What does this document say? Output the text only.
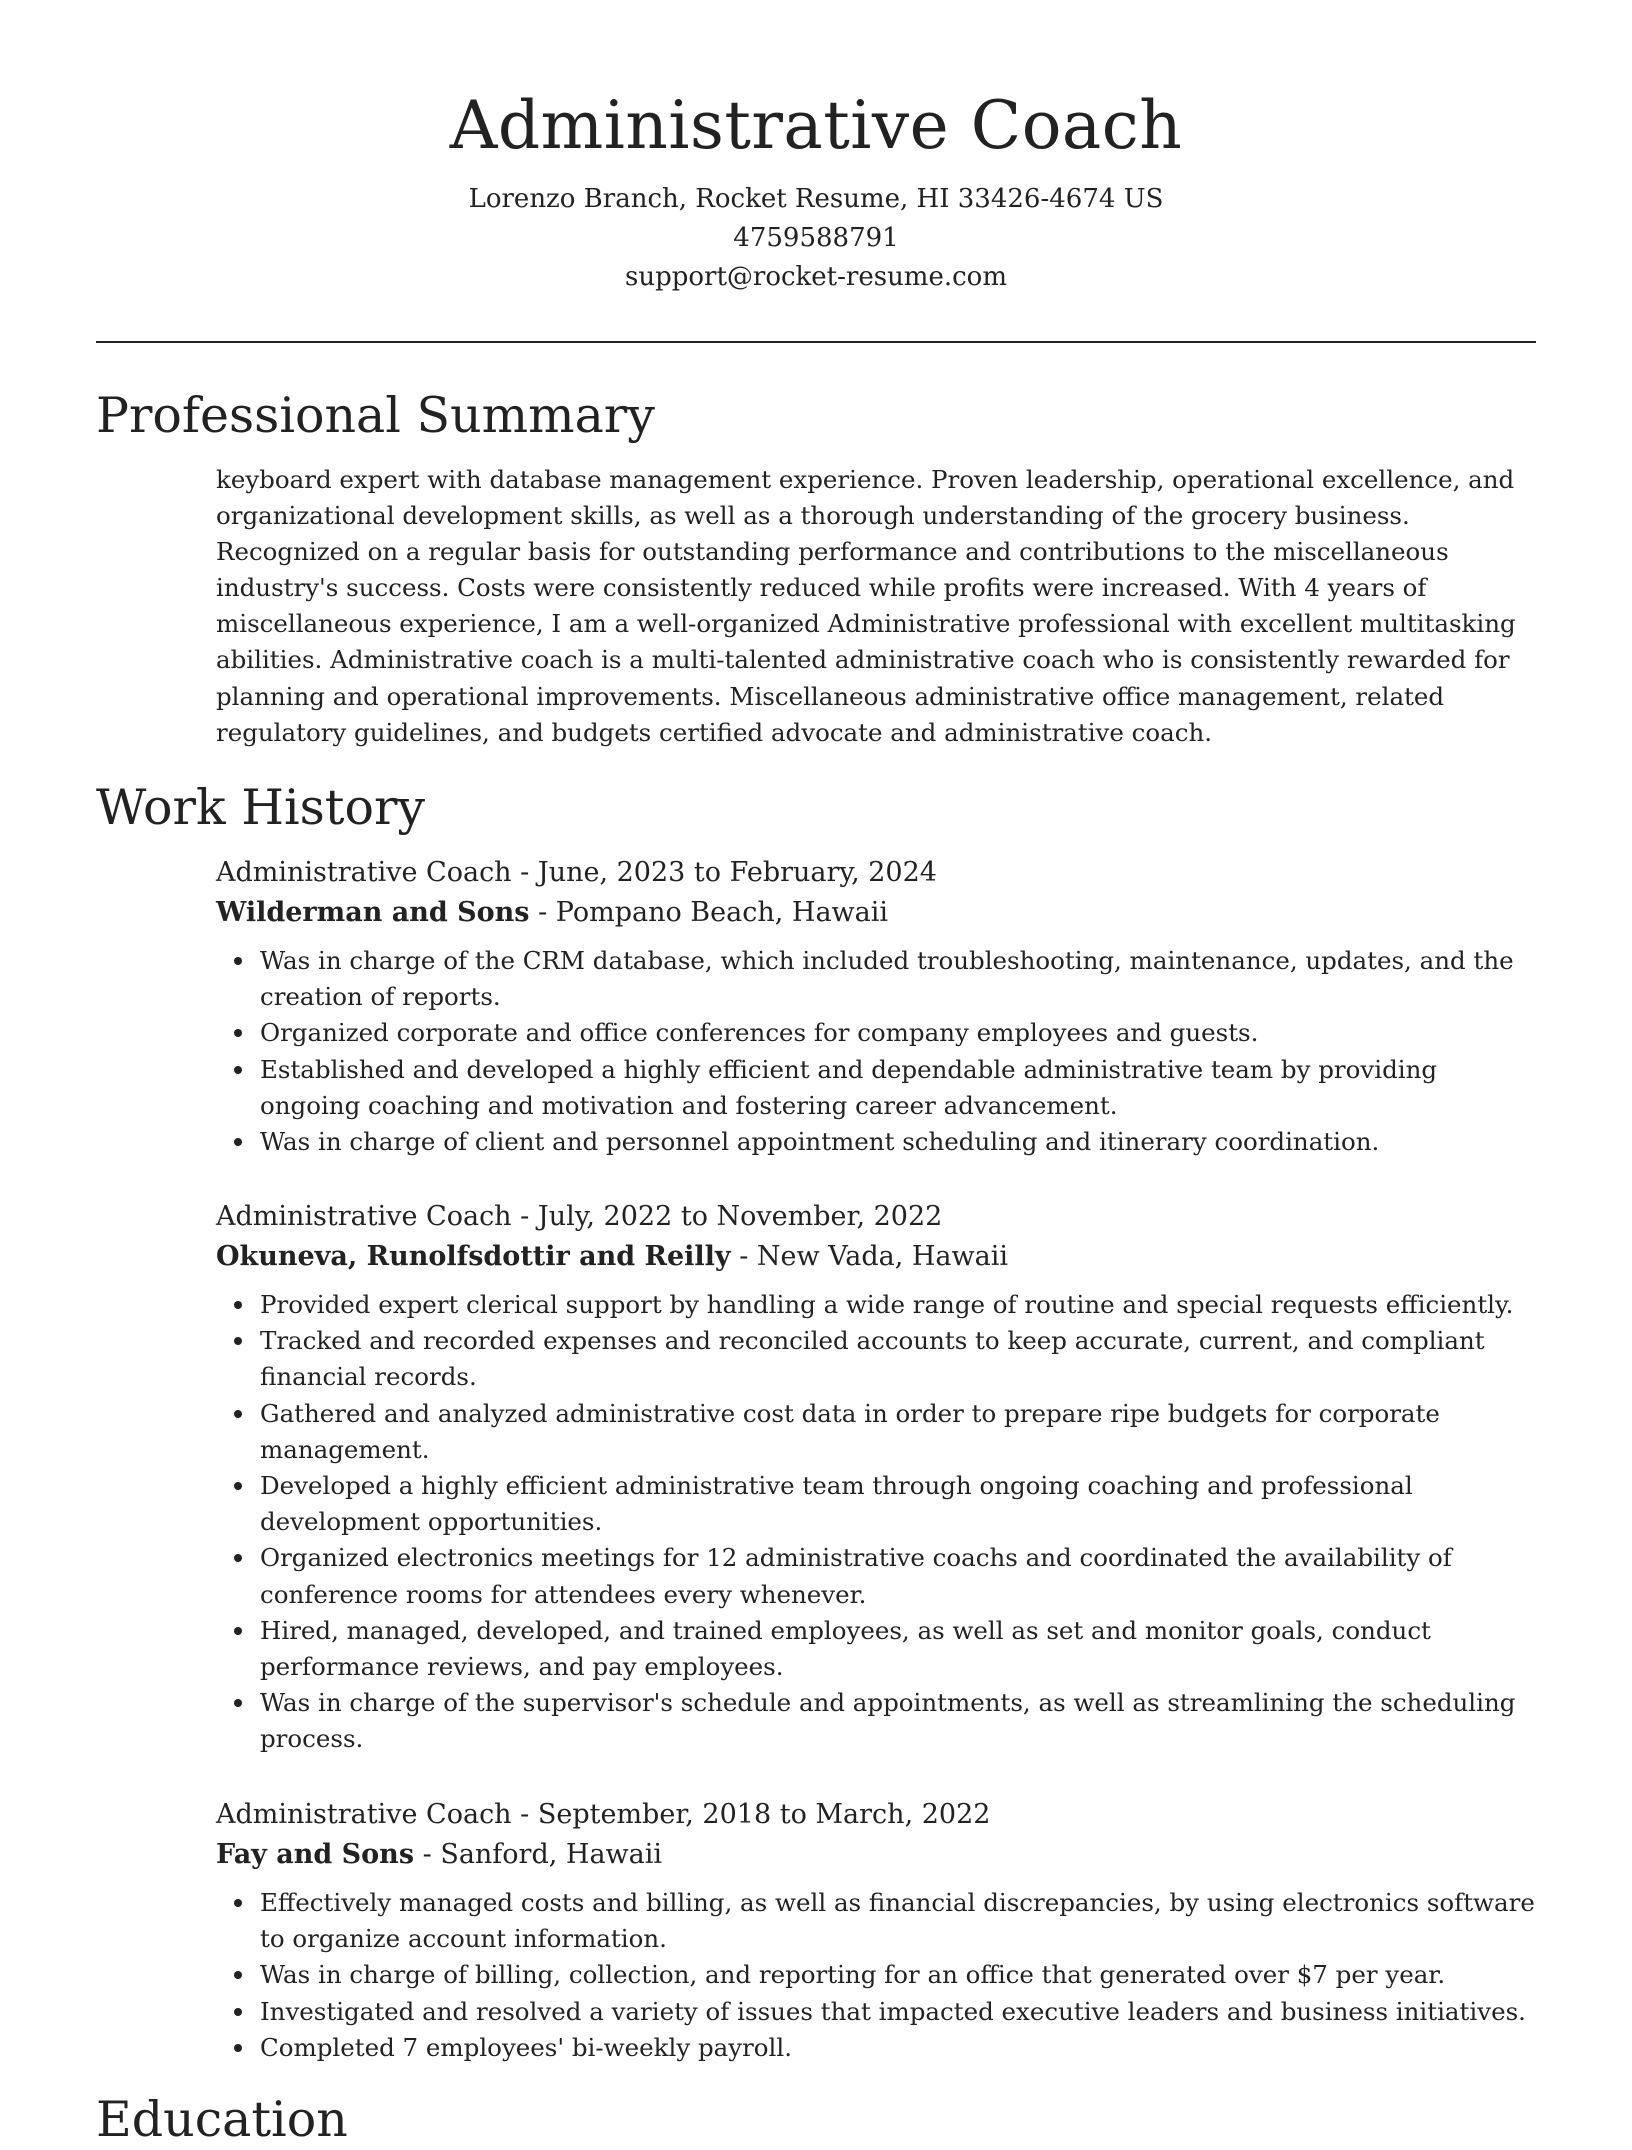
Administrative Coach

Lorenzo Branch, Rocket Resume, HI 33426-4674 US

4759588791

support@rocket-resume.com

Professional Summary

keyboard expert with database management experience. Proven leadership, operational excellence, and organizational development skills, as well as a thorough understanding of the grocery business. Recognized on a regular basis for outstanding performance and contributions to the miscellaneous industry's success. Costs were consistently reduced while profits were increased. With 4 years of miscellaneous experience, I am a well-organized Administrative professional with excellent multitasking abilities. Administrative coach is a multi-talented administrative coach who is consistently rewarded for planning and operational improvements. Miscellaneous administrative office management, related regulatory guidelines, and budgets certified advocate and administrative coach.

Work History

Administrative Coach - June, 2023 to February, 2024

Wilderman and Sons - Pompano Beach, Hawaii

Was in charge of the CRM database, which included troubleshooting, maintenance, updates, and the creation of reports.
Organized corporate and office conferences for company employees and guests.
Established and developed a highly efficient and dependable administrative team by providing ongoing coaching and motivation and fostering career advancement.
Was in charge of client and personnel appointment scheduling and itinerary coordination.

Administrative Coach - July, 2022 to November, 2022

Okuneva, Runolfsdottir and Reilly - New Vada, Hawaii

Provided expert clerical support by handling a wide range of routine and special requests efficiently.
Tracked and recorded expenses and reconciled accounts to keep accurate, current, and compliant financial records.
Gathered and analyzed administrative cost data in order to prepare ripe budgets for corporate management.
Developed a highly efficient administrative team through ongoing coaching and professional development opportunities.
Organized electronics meetings for 12 administrative coachs and coordinated the availability of conference rooms for attendees every whenever.
Hired, managed, developed, and trained employees, as well as set and monitor goals, conduct performance reviews, and pay employees.
Was in charge of the supervisor's schedule and appointments, as well as streamlining the scheduling process.

Administrative Coach - September, 2018 to March, 2022

Fay and Sons - Sanford, Hawaii

Effectively managed costs and billing, as well as financial discrepancies, by using electronics software to organize account information.
Was in charge of billing, collection, and reporting for an office that generated over $7 per year.
Investigated and resolved a variety of issues that impacted executive leaders and business initiatives.
Completed 7 employees' bi-weekly payroll.
Education
